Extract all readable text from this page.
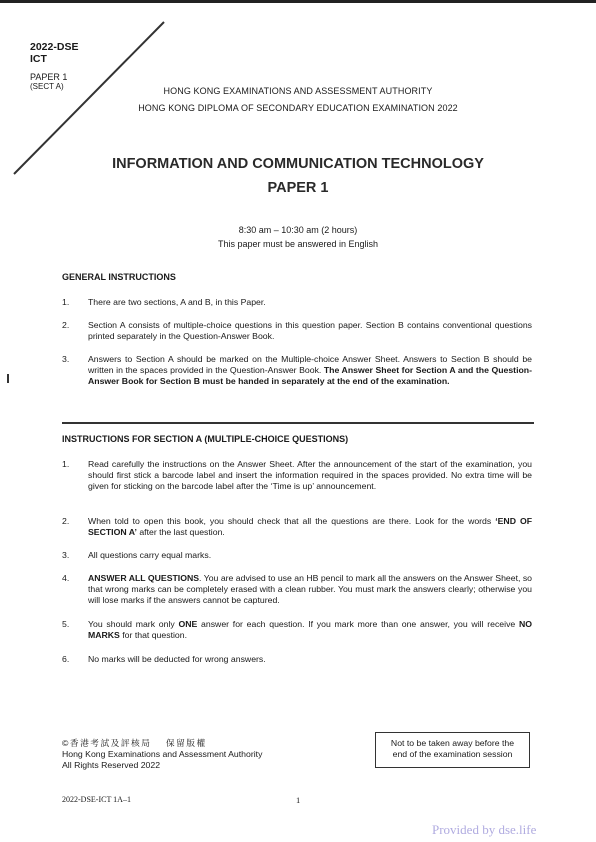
2022-DSE
ICT
PAPER 1
(SECT A)	HONG KONG EXAMINATIONS AND ASSESSMENT AUTHORITY
HONG KONG DIPLOMA OF SECONDARY EDUCATION EXAMINATION 2022
INFORMATION AND COMMUNICATION TECHNOLOGY
PAPER 1
8:30 am – 10:30 am (2 hours)
This paper must be answered in English
GENERAL INSTRUCTIONS
1.	There are two sections, A and B, in this Paper.
2.	Section A consists of multiple-choice questions in this question paper. Section B contains conventional questions printed separately in the Question-Answer Book.
3.	Answers to Section A should be marked on the Multiple-choice Answer Sheet. Answers to Section B should be written in the spaces provided in the Question-Answer Book. The Answer Sheet for Section A and the Question-Answer Book for Section B must be handed in separately at the end of the examination.
INSTRUCTIONS FOR SECTION A (MULTIPLE-CHOICE QUESTIONS)
1.	Read carefully the instructions on the Answer Sheet. After the announcement of the start of the examination, you should first stick a barcode label and insert the information required in the spaces provided. No extra time will be given for sticking on the barcode label after the ‘Time is up’ announcement.
2.	When told to open this book, you should check that all the questions are there. Look for the words ‘END OF SECTION A’ after the last question.
3.	All questions carry equal marks.
4.	ANSWER ALL QUESTIONS. You are advised to use an HB pencil to mark all the answers on the Answer Sheet, so that wrong marks can be completely erased with a clean rubber. You must mark the answers clearly; otherwise you will lose marks if the answers cannot be captured.
5.	You should mark only ONE answer for each question. If you mark more than one answer, you will receive NO MARKS for that question.
6.	No marks will be deducted for wrong answers.
©香港考試及評核局 保留版權
Hong Kong Examinations and Assessment Authority
All Rights Reserved 2022
Not to be taken away before the
end of the examination session
2022-DSE-ICT 1A–1	1
Provided by dse.life
